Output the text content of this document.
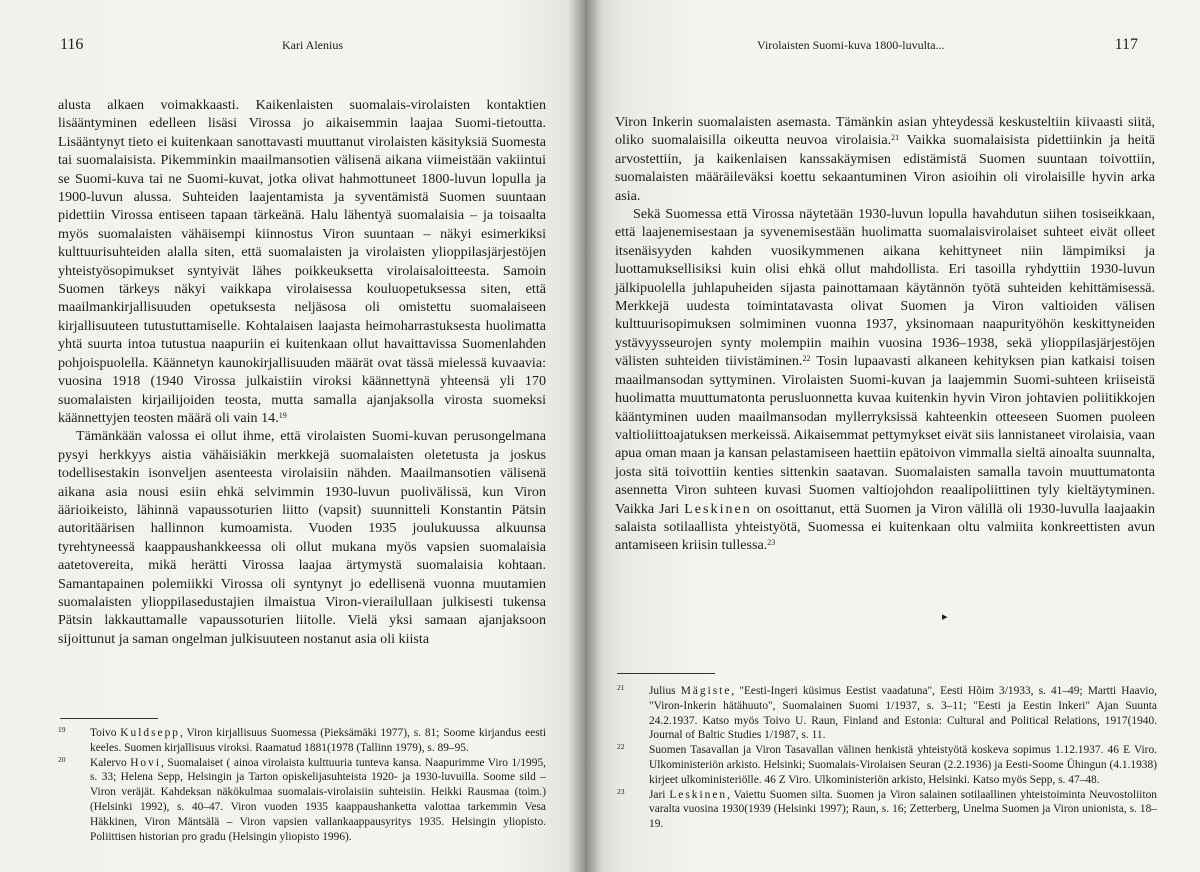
116	Kari Alenius

alusta alkaen voimakkaasti. Kaikenlaisten suomalais-virolaisten kontaktien lisääntyminen edelleen lisäsi Virossa jo aikaisemmin laajaa Suomi-tietoutta. Lisääntynyt tieto ei kuitenkaan sanottavasti muuttanut virolaisten käsityksiä Suomesta tai suomalaisista. Pikemminkin maailmansotien välisenä aikana viimeistään vakiintui se Suomi-kuva tai ne Suomi-kuvat, jotka olivat hahmottuneet 1800-luvun lopulla ja 1900-luvun alussa. Suhteiden laajentamista ja syventämistä Suomen suuntaan pidettiin Virossa entiseen tapaan tärkeänä. Halu lähentyä suomalaisia – ja toisaalta myös suomalaisten vähäisempi kiinnostus Viron suuntaan – näkyi esimerkiksi kulttuurisuhteiden alalla siten, että suomalaisten ja virolaisten ylioppilasjärjestöjen yhteistyösopimukset syntyivät lähes poikkeuksetta virolaisaloitteesta. Samoin Suomen tärkeys näkyi vaikkapa virolaisessa kouluopetuksessa siten, että maailmankirjallisuuden opetuksesta neljäsosa oli omistettu suomalaiseen kirjallisuuteen tutustuttamiselle. Kohtalaisen laajasta heimoharrastuksesta huolimatta yhtä suurta intoa tutustua naapuriin ei kuitenkaan ollut havaittavissa Suomenlahden pohjoispuolella. Käännetyn kaunokirjallisuuden määrät ovat tässä mielessä kuvaavia: vuosina 1918 (1940 Virossa julkaistiin viroksi käännettynä yhteensä yli 170 suomalaisten kirjailijoiden teosta, mutta samalla ajanjaksolla virosta suomeksi käännettyjen teosten määrä oli vain 14.19

Tämänkään valossa ei ollut ihme, että virolaisten Suomi-kuvan perusongelmana pysyi herkkyys aistia vähäisiäkin merkkejä suomalaisten oletetusta ja joskus todellisestakin isonveljen asenteesta virolaisiin nähden. Maailmansotien välisenä aikana asia nousi esiin ehkä selvimmin 1930-luvun puolivälissä, kun Viron äärioikeisto, lähinnä vapaussoturien liitto (vapsit) suunnitteli Konstantin Pätsin autoritäärisen hallinnon kumoamista. Vuoden 1935 joulukuussa alkuunsa tyrehtyneessä kaappaushankkeessa oli ollut mukana myös vapsien suomalaisia aatetovereita, mikä herätti Virossa laajaa ärtymystä suomalaisia kohtaan. Samantapainen polemiikki Virossa oli syntynyt jo edellisenä vuonna muutamien suomalaisten ylioppilasedustajien ilmaistua Viron-vierailullaan julkisesti tukensa Pätsin lakkauttamalle vapaussoturien liitolle. Vielä yksi samaan ajanjaksoon sijoittunut ja saman ongelman julkisuuteen nostanut asia oli kiista

19 Toivo Kuldsepp, Viron kirjallisuus Suomessa (Pieksämäki 1977), s. 81; Soome kirjandus eesti keeles. Suomen kirjallisuus viroksi. Raamatud 1881(1978 (Tallinn 1979), s. 89–95.
20 Kalervo Hovi, Suomalaiset ( ainoa virolaista kulttuuria tunteva kansa. Naapurimme Viro 1/1995, s. 33; Helena Sepp, Helsingin ja Tarton opiskelijasuhteista 1920- ja 1930-luvuilla. Soome sild – Viron veräjät. Kahdeksan näkökulmaa suomalais-virolaisiin suhteisiin. Heikki Rausmaa (toim.) (Helsinki 1992), s. 40–47. Viron vuoden 1935 kaappaushanketta valottaa tarkemmin Vesa Häkkinen, Viron Mäntsälä – Viron vapsien vallankaappausyritys 1935. Helsingin yliopisto. Poliittisen historian pro gradu (Helsingin yliopisto 1996).
Virolaisten Suomi-kuva 1800-luvulta...	117

Viron Inkerin suomalaisten asemasta. Tämänkin asian yhteydessä keskusteltiin kiivaasti siitä, oliko suomalaisilla oikeutta neuvoa virolaisia.$^{21}$ Vaikka suomalaisista pidettiinkin ja heitä arvostettiin, ja kaikenlaisen kanssakäymisen edistämistä Suomen suuntaan toivottiin, suomalaisten määräileväksi koettu sekaantuminen Viron asioihin oli virolaisille hyvin arka asia.

Sekä Suomessa että Virossa näytetään 1930-luvun lopulla havahdutun siihen tosiseikkaan, että laajenemisestaan ja syvenemisestään huolimatta suomalaisvirolaiset suhteet eivät olleet itsenäisyyden kahden vuosikymmenen aikana kehittyneet niin lämpimiksi ja luottamuksellisiksi kuin olisi ehkä ollut mahdollista. Eri tasoilla ryhdyttiin 1930-luvun jälkipuolella juhlapuheiden sijasta painottamaan käytännön työtä suhteiden kehittämisessä. Merkkejä uudesta toimintatavasta olivat Suomen ja Viron valtioiden välisen kulttuurisopimuksen solmiminen vuonna 1937, yksinomaan naapurityöhön keskittyneiden ystävyysseurojen synty molempiin maihin vuosina 1936–1938, sekä ylioppilasjärjestöjen välisten suhteiden tiivistäminen.$^{22}$ Tosin lupaavasti alkaneen kehityksen pian katkaisi toisen maailmansodan syttyminen. Virolaisten Suomi-kuvan ja laajemmin Suomi-suhteen kriiseistä huolimatta muuttumatonta perusluonnetta kuvaa kuitenkin hyvin Viron johtavien poliitikkojen kääntyminen uuden maailmansodan myllerryksissä kahteenkin otteeseen Suomen puoleen valtioliittoajatuksen merkeissä. Aikaisemmat pettymykset eivät siis lannistaneet virolaisia, vaan apua oman maan ja kansan pelastamiseen haettiin epätoivon vimmalla sieltä ainoalta suunnalta, josta sitä toivottiin kenties sittenkin saatavan. Suomalaisten samalla tavoin muuttumatonta asennetta Viron suhteen kuvasi Suomen valtiojohdon reaalipoliittinen tyly kieltäytyminen. Vaikka Jari Leskinen on osoittanut, että Suomen ja Viron välillä oli 1930-luvulla laajaakin salaista sotilaallista yhteistyötä, Suomessa ei kuitenkaan oltu valmiita konkreettisten avun antamiseen kriisin tullessa.$^{23}$

▸
21 Julius Mägiste, "Eesti-Ingeri küsimus Eestist vaadatuna", Eesti Hõim 3/1933, s. 41–49; Martti Haavio, "Viron-Inkerin hätähuuto", Suomalainen Suomi 1/1937, s. 3–11; "Eesti ja Eestin Inkeri" Ajan Suunta 24.2.1937. Katso myös Toivo U. Raun, Finland and Estonia: Cultural and Political Relations, 1917(1940. Journal of Baltic Studies 1/1987, s. 11.
22 Suomen Tasavallan ja Viron Tasavallan välinen henkistä yhteistyötä koskeva sopimus 1.12.1937. 46 E Viro. Ulkoministeriön arkisto. Helsinki; Suomalais-Virolaisen Seuran (2.2.1936) ja Eesti-Soome Ühingun (4.1.1938) kirjeet ulkoministeriölle. 46 Z Viro. Ulkoministeriön arkisto, Helsinki. Katso myös Sepp, s. 47–48.
23 Jari Leskinen, Vaiettu Suomen silta. Suomen ja Viron salainen sotilaallinen yhteistoiminta Neuvostoliiton varalta vuosina 1930(1939 (Helsinki 1997); Raun, s. 16; Zetterberg, Unelma Suomen ja Viron unionista, s. 18–19.
